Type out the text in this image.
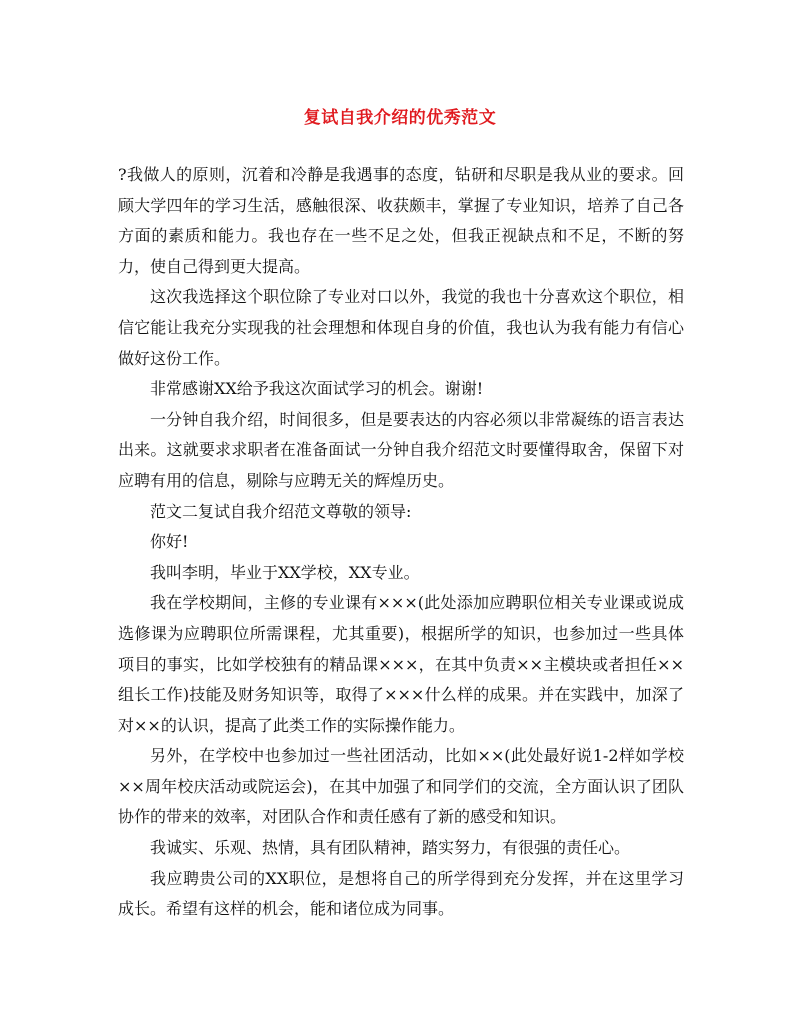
复试自我介绍的优秀范文

?我做人的原则，沉着和冷静是我遇事的态度，钻研和尽职是我从业的要求。回顾大学四年的学习生活，感触很深、收获颇丰，掌握了专业知识，培养了自己各方面的素质和能力。我也存在一些不足之处，但我正视缺点和不足，不断的努力，使自己得到更大提高。

这次我选择这个职位除了专业对口以外，我觉的我也十分喜欢这个职位，相信它能让我充分实现我的社会理想和体现自身的价值，我也认为我有能力有信心做好这份工作。

非常感谢XX给予我这次面试学习的机会。谢谢!

一分钟自我介绍，时间很多，但是要表达的内容必须以非常凝练的语言表达出来。这就要求求职者在准备面试一分钟自我介绍范文时要懂得取舍，保留下对应聘有用的信息，剔除与应聘无关的辉煌历史。

范文二复试自我介绍范文尊敬的领导:

你好!

我叫李明，毕业于XX学校，XX专业。

我在学校期间，主修的专业课有×××(此处添加应聘职位相关专业课或说成选修课为应聘职位所需课程，尤其重要)，根据所学的知识，也参加过一些具体项目的事实，比如学校独有的精品课×××，在其中负责××主模块或者担任××组长工作)技能及财务知识等，取得了×××什么样的成果。并在实践中，加深了对××的认识，提高了此类工作的实际操作能力。

另外，在学校中也参加过一些社团活动，比如××(此处最好说1-2样如学校××周年校庆活动或院运会)，在其中加强了和同学们的交流，全方面认识了团队协作的带来的效率，对团队合作和责任感有了新的感受和知识。

我诚实、乐观、热情，具有团队精神，踏实努力，有很强的责任心。

我应聘贵公司的XX职位，是想将自己的所学得到充分发挥，并在这里学习成长。希望有这样的机会，能和诸位成为同事。
